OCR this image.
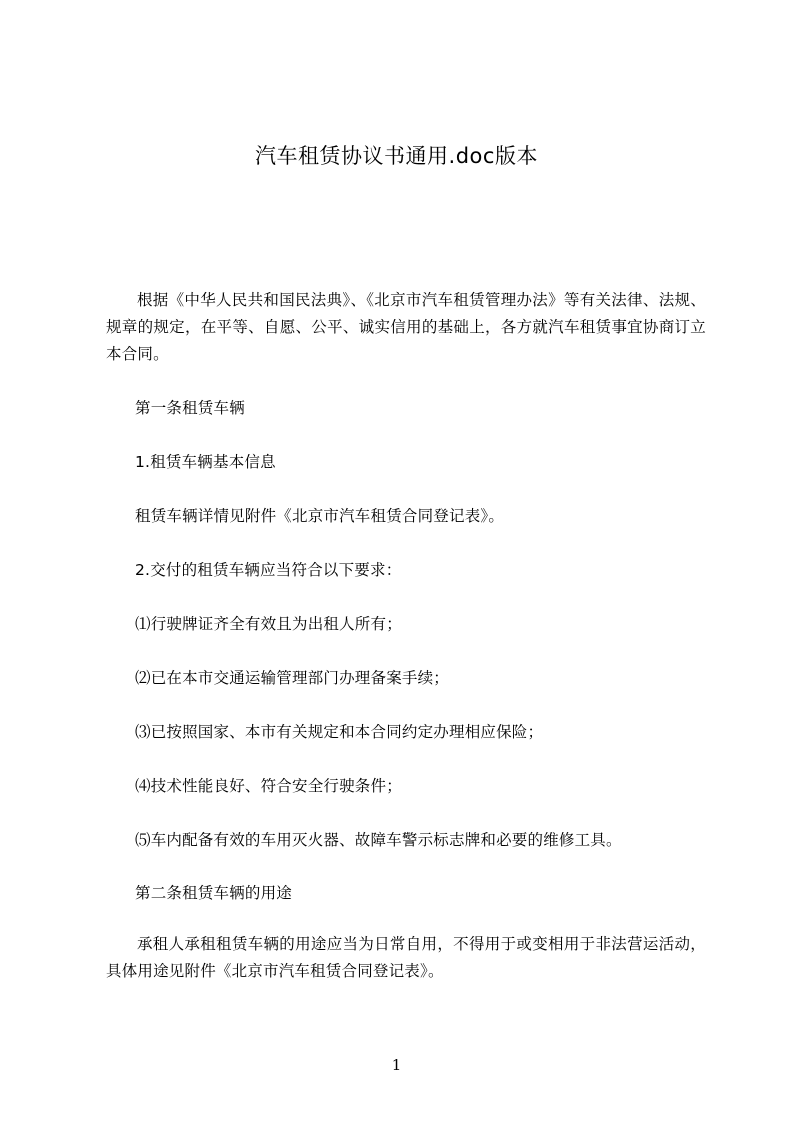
汽车租赁协议书通用.doc版本

根据《中华人民共和国民法典》、《北京市汽车租赁管理办法》等有关法律、法规、规章的规定，在平等、自愿、公平、诚实信用的基础上，各方就汽车租赁事宜协商订立本合同。

第一条租赁车辆
1.租赁车辆基本信息
租赁车辆详情见附件《北京市汽车租赁合同登记表》。
2.交付的租赁车辆应当符合以下要求：
⑴行驶牌证齐全有效且为出租人所有；
⑵已在本市交通运输管理部门办理备案手续；
⑶已按照国家、本市有关规定和本合同约定办理相应保险；
⑷技术性能良好、符合安全行驶条件；
⑸车内配备有效的车用灭火器、故障车警示标志牌和必要的维修工具。
第二条租赁车辆的用途

承租人承租租赁车辆的用途应当为日常自用，不得用于或变相用于非法营运活动，具体用途见附件《北京市汽车租赁合同登记表》。

1
